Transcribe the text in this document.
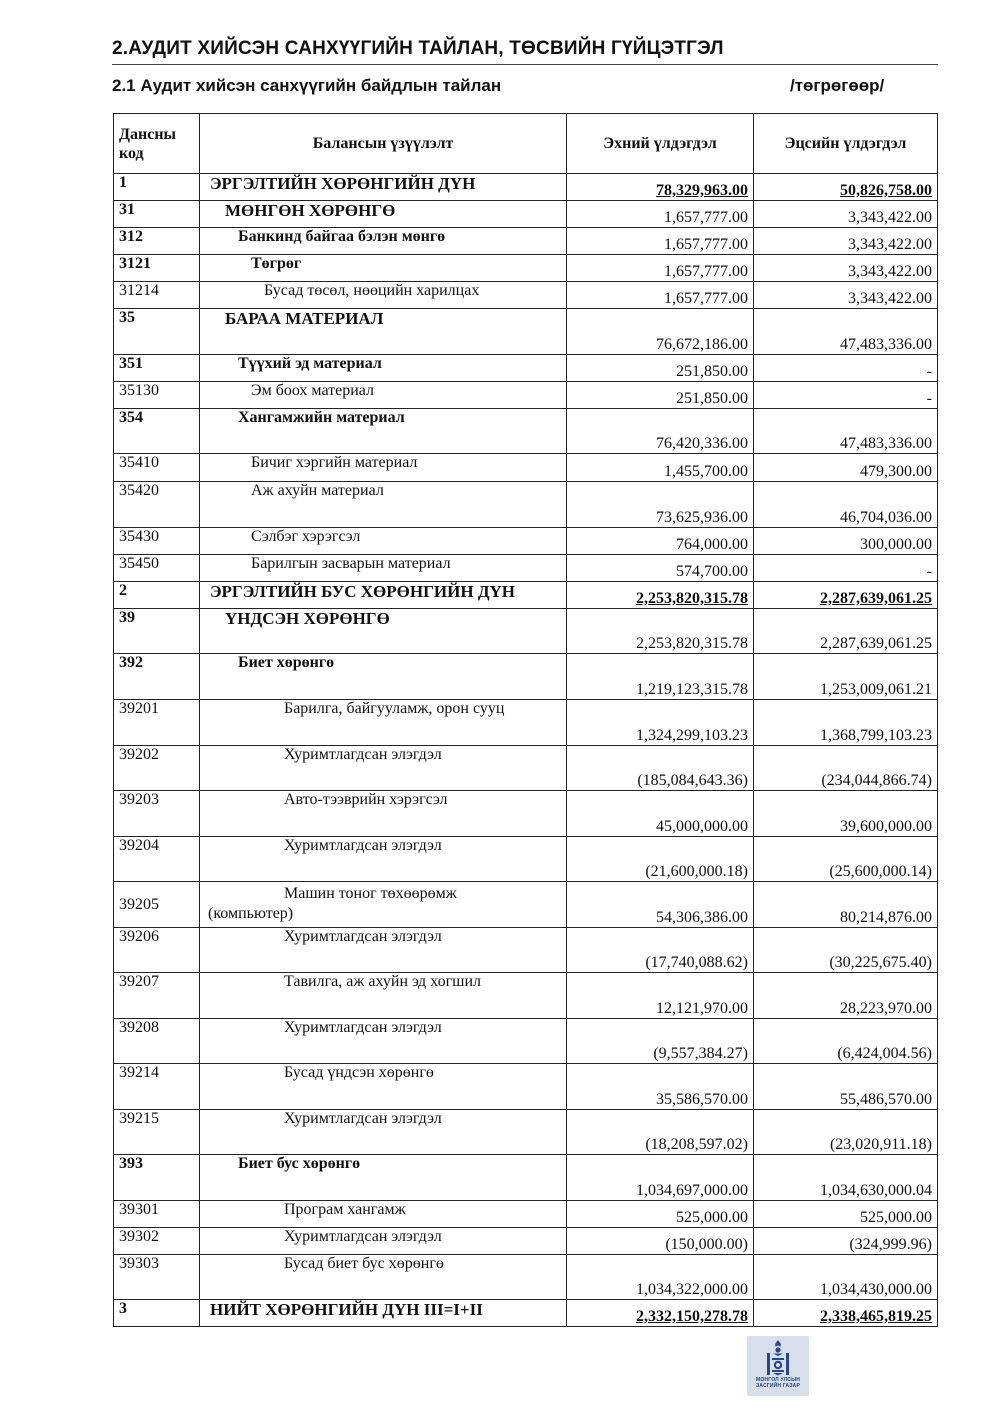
2.АУДИТ ХИЙСЭН САНХҮҮГИЙН ТАЙЛАН, ТӨСВИЙН ГҮЙЦЭТГЭЛ
2.1 Аудит хийсэн санхүүгийн байдлын тайлан	/төгрөгөөр/
Дансны код	Балансын үзүүлэлт	Эхний үлдэгдэл	Эцсийн үлдэгдэл
1	ЭРГЭЛТИЙН ХӨРӨНГИЙН ДҮН	78,329,963.00	50,826,758.00
31	МӨНГӨН ХӨРӨНГӨ	1,657,777.00	3,343,422.00
312	Банкинд байгаа бэлэн мөнгө	1,657,777.00	3,343,422.00
3121	Төгрөг	1,657,777.00	3,343,422.00
31214	Бусад төсөл, нөөцийн харилцах	1,657,777.00	3,343,422.00
35	БАРАА МАТЕРИАЛ	76,672,186.00	47,483,336.00
351	Түүхий эд материал	251,850.00	-
35130	Эм боох материал	251,850.00	-
354	Хангамжийн материал	76,420,336.00	47,483,336.00
35410	Бичиг хэргийн материал	1,455,700.00	479,300.00
35420	Аж ахуйн материал	73,625,936.00	46,704,036.00
35430	Сэлбэг хэрэгсэл	764,000.00	300,000.00
35450	Барилгын засварын материал	574,700.00	-
2	ЭРГЭЛТИЙН БУС ХӨРӨНГИЙН ДҮН	2,253,820,315.78	2,287,639,061.25
39	ҮНДСЭН ХӨРӨНГӨ	2,253,820,315.78	2,287,639,061.25
392	Биет хөрөнгө	1,219,123,315.78	1,253,009,061.21
39201	Барилга, байгууламж, орон сууц	1,324,299,103.23	1,368,799,103.23
39202	Хуримтлагдсан элэгдэл	(185,084,643.36)	(234,044,866.74)
39203	Авто-тээврийн хэрэгсэл	45,000,000.00	39,600,000.00
39204	Хуримтлагдсан элэгдэл	(21,600,000.18)	(25,600,000.14)
39205	Машин тоног төхөөрөмж
(компьютер)	54,306,386.00	80,214,876.00
39206	Хуримтлагдсан элэгдэл	(17,740,088.62)	(30,225,675.40)
39207	Тавилга, аж ахуйн эд хогшил	12,121,970.00	28,223,970.00
39208	Хуримтлагдсан элэгдэл	(9,557,384.27)	(6,424,004.56)
39214	Бусад үндсэн хөрөнгө	35,586,570.00	55,486,570.00
39215	Хуримтлагдсан элэгдэл	(18,208,597.02)	(23,020,911.18)
393	Биет бус хөрөнгө	1,034,697,000.00	1,034,630,000.04
39301	Програм хангамж	525,000.00	525,000.00
39302	Хуримтлагдсан элэгдэл	(150,000.00)	(324,999.96)
39303	Бусад биет бус хөрөнгө	1,034,322,000.00	1,034,430,000.00
3	НИЙТ ХӨРӨНГИЙН ДҮН III=I+II	2,332,150,278.78	2,338,465,819.25
МОНГОЛ УЛСЫН
ЗАСГИЙН ГАЗАР
